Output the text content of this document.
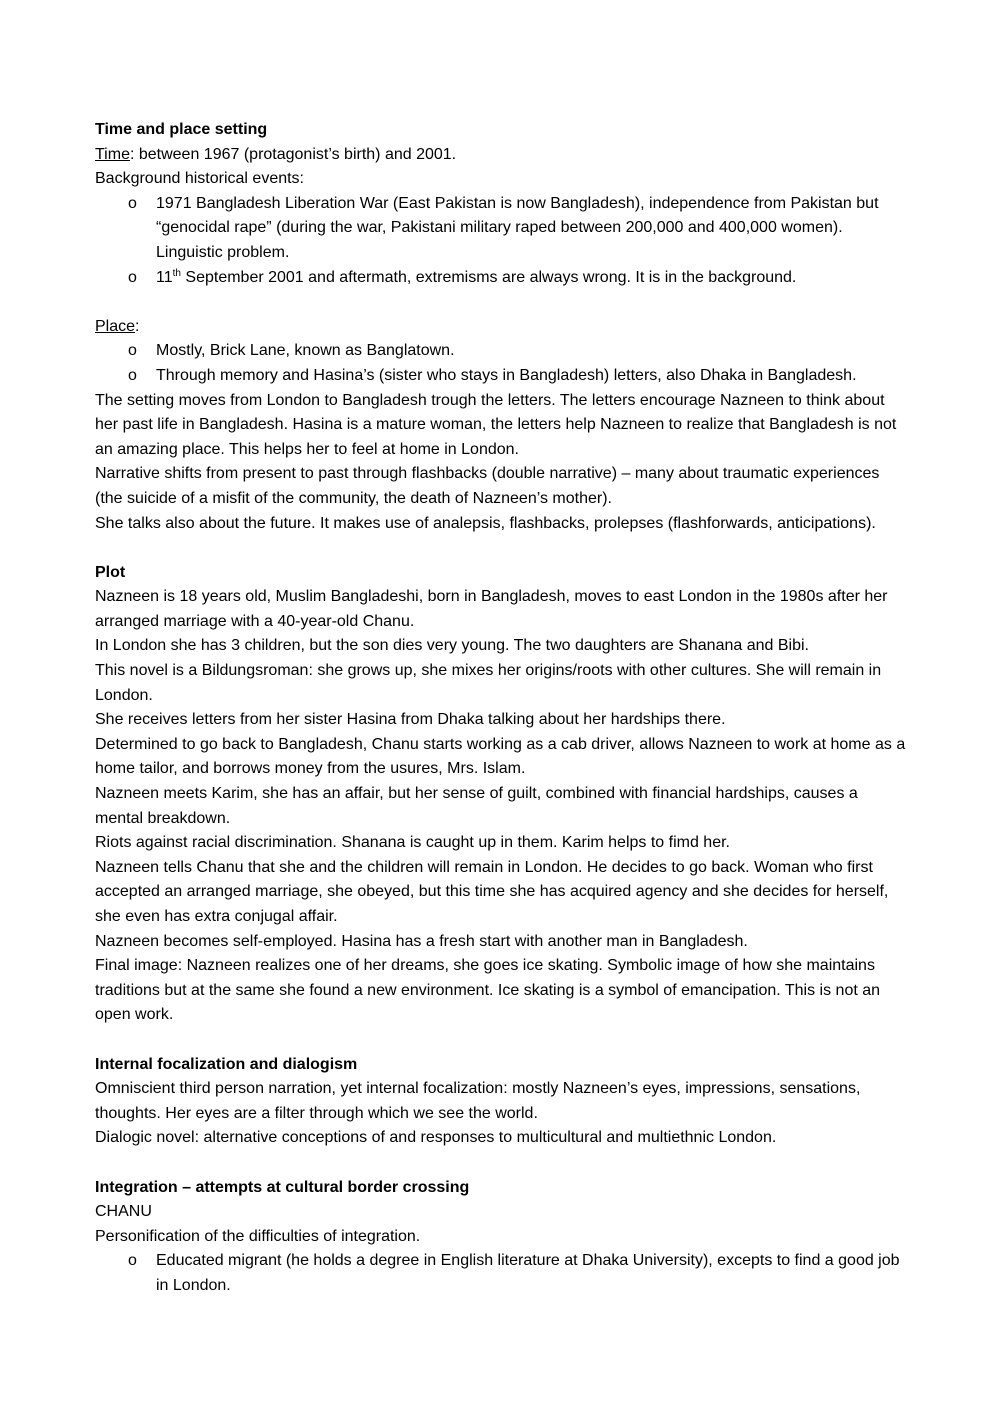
Time and place setting

Time: between 1967 (protagonist’s birth) and 2001.

Background historical events:

o 1971 Bangladesh Liberation War (East Pakistan is now Bangladesh), independence from Pakistan but “genocidal rape” (during the war, Pakistani military raped between 200,000 and 400,000 women). Linguistic problem.
o 11th September 2001 and aftermath, extremisms are always wrong. It is in the background.

Place:

o Mostly, Brick Lane, known as Banglatown.
o Through memory and Hasina’s (sister who stays in Bangladesh) letters, also Dhaka in Bangladesh.

The setting moves from London to Bangladesh trough the letters. The letters encourage Nazneen to think about her past life in Bangladesh. Hasina is a mature woman, the letters help Nazneen to realize that Bangladesh is not an amazing place. This helps her to feel at home in London.

Narrative shifts from present to past through flashbacks (double narrative) – many about traumatic experiences (the suicide of a misfit of the community, the death of Nazneen’s mother).

She talks also about the future. It makes use of analepsis, flashbacks, prolepses (flashforwards, anticipations).

Plot

Nazneen is 18 years old, Muslim Bangladeshi, born in Bangladesh, moves to east London in the 1980s after her arranged marriage with a 40-year-old Chanu.

In London she has 3 children, but the son dies very young. The two daughters are Shanana and Bibi.

This novel is a Bildungsroman: she grows up, she mixes her origins/roots with other cultures. She will remain in London.

She receives letters from her sister Hasina from Dhaka talking about her hardships there.

Determined to go back to Bangladesh, Chanu starts working as a cab driver, allows Nazneen to work at home as a home tailor, and borrows money from the usures, Mrs. Islam.

Nazneen meets Karim, she has an affair, but her sense of guilt, combined with financial hardships, causes a mental breakdown.

Riots against racial discrimination. Shanana is caught up in them. Karim helps to fimd her.

Nazneen tells Chanu that she and the children will remain in London. He decides to go back. Woman who first accepted an arranged marriage, she obeyed, but this time she has acquired agency and she decides for herself, she even has extra conjugal affair.

Nazneen becomes self-employed. Hasina has a fresh start with another man in Bangladesh.

Final image: Nazneen realizes one of her dreams, she goes ice skating. Symbolic image of how she maintains traditions but at the same she found a new environment. Ice skating is a symbol of emancipation. This is not an open work.

Internal focalization and dialogism

Omniscient third person narration, yet internal focalization: mostly Nazneen’s eyes, impressions, sensations, thoughts. Her eyes are a filter through which we see the world.

Dialogic novel: alternative conceptions of and responses to multicultural and multiethnic London.

Integration – attempts at cultural border crossing

CHANU

Personification of the difficulties of integration.

o Educated migrant (he holds a degree in English literature at Dhaka University), excepts to find a good job in London.
